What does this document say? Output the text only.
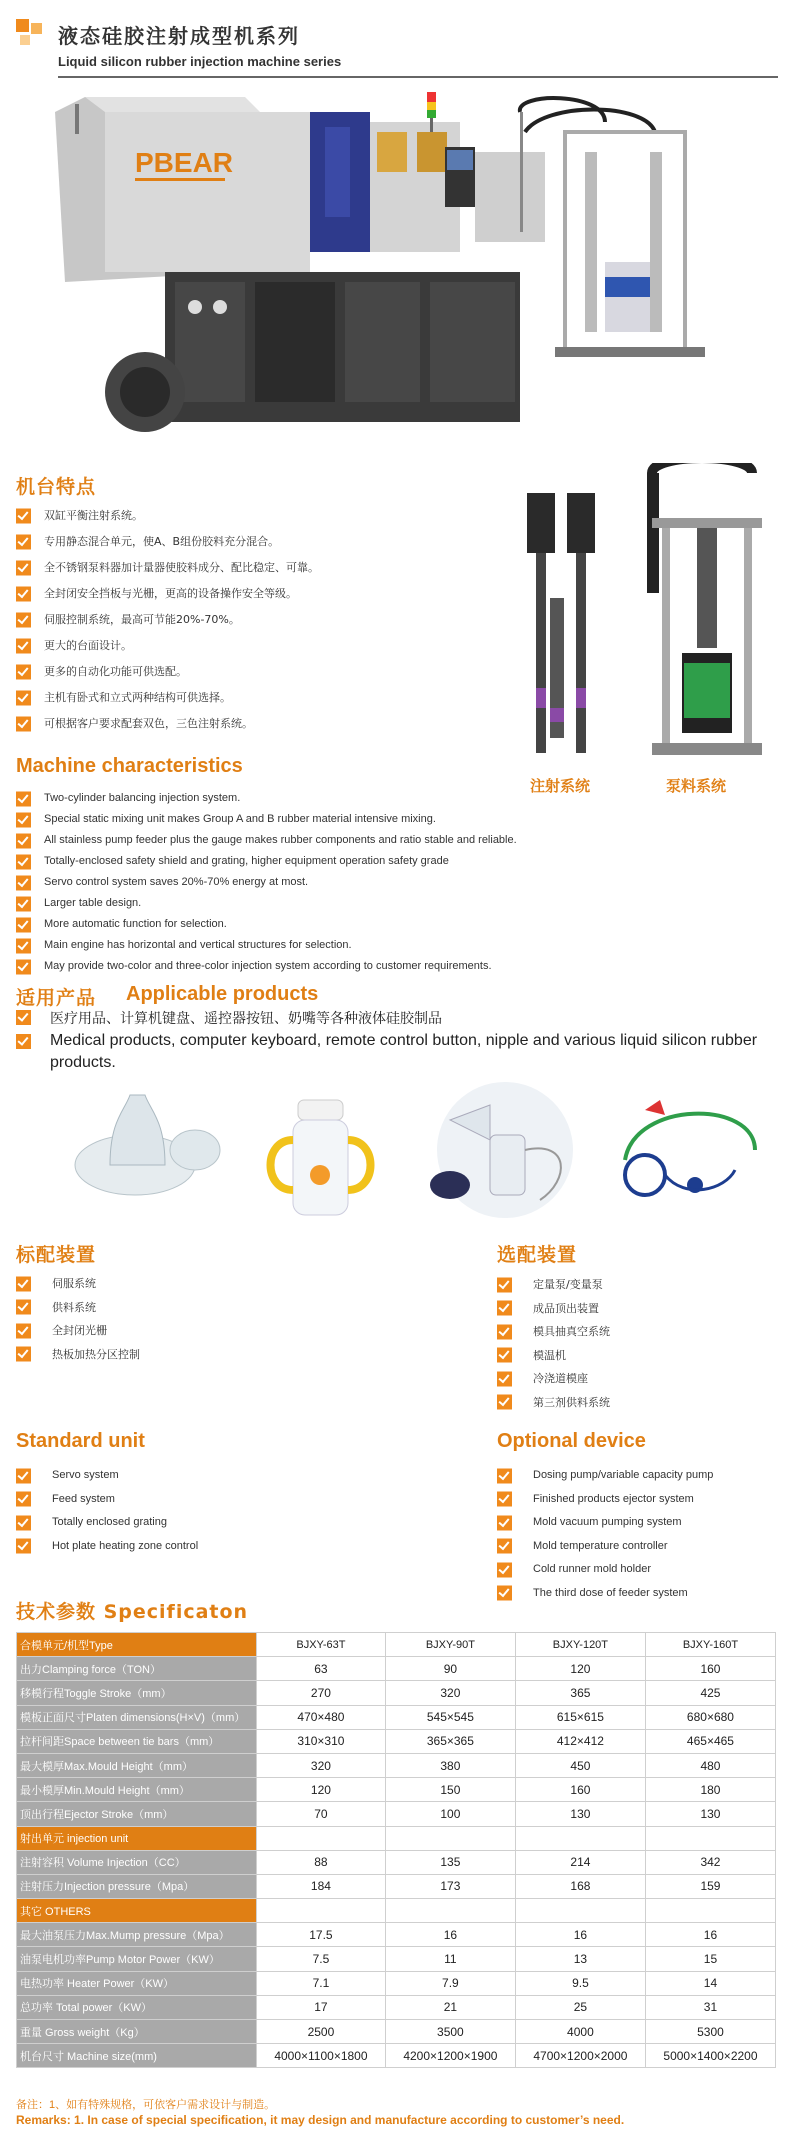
液态硅胶注射成型机系列
Liquid silicon rubber injection machine series
PBEAR
注射系统	泵料系统
机台特点
双缸平衡注射系统。
专用静态混合单元，使A、B组份胶料充分混合。
全不锈钢泵料器加计量器使胶料成分、配比稳定、可靠。
全封闭安全挡板与光栅，更高的设备操作安全等级。
伺服控制系统，最高可节能20%-70%。
更大的台面设计。
更多的自动化功能可供选配。
主机有卧式和立式两种结构可供选择。
可根据客户要求配套双色，三色注射系统。
Machine characteristics
Two-cylinder balancing injection system.
Special static mixing unit makes Group A and B rubber material intensive mixing.
All stainless pump feeder plus the gauge makes rubber components and ratio stable and reliable.
Totally-enclosed safety shield and grating, higher equipment operation safety grade
Servo control system saves 20%-70% energy at most.
Larger table design.
More automatic function for selection.
Main engine has horizontal and vertical structures for selection.
May provide two-color and three-color injection system according to customer requirements.
适用产品 Applicable products
医疗用品、计算机键盘、遥控器按钮、奶嘴等各种液体硅胶制品
Medical products, computer keyboard, remote control button, nipple and various liquid silicon rubber products.
标配装置
伺服系统
供料系统
全封闭光栅
热板加热分区控制
选配装置
定量泵/变量泵
成品顶出装置
模具抽真空系统
模温机
冷浇道模座
第三剂供料系统
Standard unit
Servo system
Feed system
Totally enclosed grating
Hot plate heating zone control
Optional device
Dosing pump/variable capacity pump
Finished products ejector system
Mold vacuum pumping system
Mold temperature controller
Cold runner mold holder
The third dose of feeder system
技术参数 Specificaton
合模单元/机型Type	BJXY-63T	BJXY-90T	BJXY-120T	BJXY-160T
出力Clamping force（TON）	63	90	120	160
移模行程Toggle Stroke（mm）	270	320	365	425
模板正面尺寸Platen dimensions(H×V)（mm）	470×480	545×545	615×615	680×680
拉杆间距Space between tie bars（mm）	310×310	365×365	412×412	465×465
最大模厚Max.Mould Height（mm）	320	380	450	480
最小模厚Min.Mould Height（mm）	120	150	160	180
顶出行程Ejector Stroke（mm）	70	100	130	130
射出单元 injection unit				
注射容积 Volume Injection（CC）	88	135	214	342
注射压力Injection pressure（Mpa）	184	173	168	159
其它 OTHERS				
最大油泵压力Max.Mump pressure（Mpa）	17.5	16	16	16
油泵电机功率Pump Motor Power（KW）	7.5	11	13	15
电热功率 Heater Power（KW）	7.1	7.9	9.5	14
总功率 Total power（KW）	17	21	25	31
重量 Gross weight（Kg）	2500	3500	4000	5300
机台尺寸 Machine size(mm)	4000×1100×1800	4200×1200×1900	4700×1200×2000	5000×1400×2200
备注：1、如有特殊规格，可依客户需求设计与制造。
Remarks: 1. In case of special specification, it may design and manufacture according to customer’s need.
